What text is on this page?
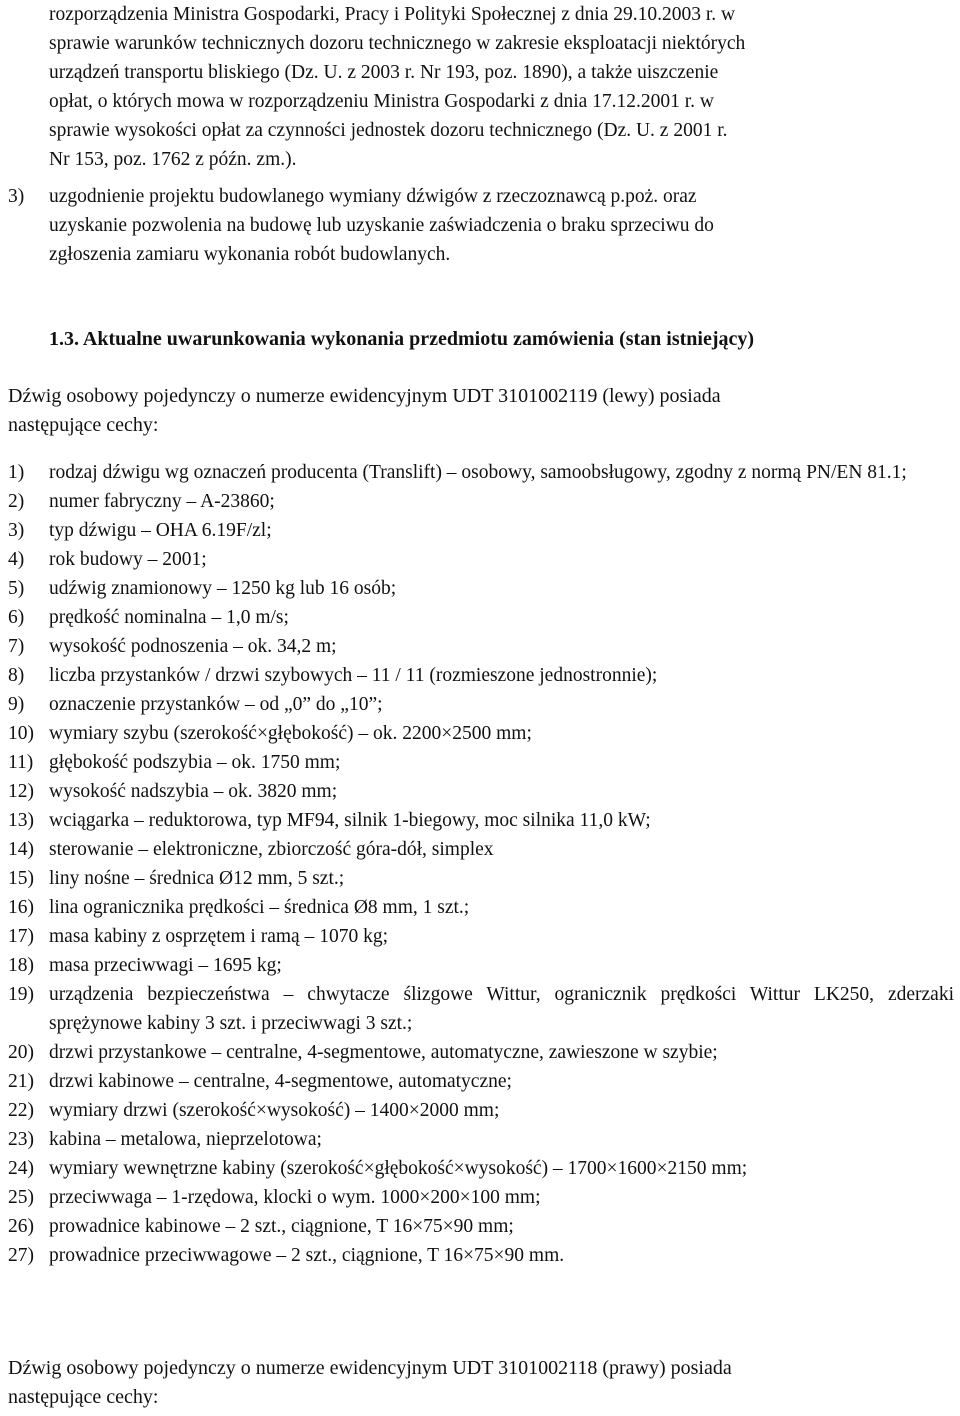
rozporządzenia Ministra Gospodarki, Pracy i Polityki Społecznej z dnia 29.10.2003 r. w
sprawie warunków technicznych dozoru technicznego w zakresie eksploatacji niektórych
urządzeń transportu bliskiego (Dz. U. z 2003 r. Nr 193, poz. 1890), a także uiszczenie
opłat, o których mowa w rozporządzeniu Ministra Gospodarki z dnia 17.12.2001 r. w
sprawie wysokości opłat za czynności jednostek dozoru technicznego (Dz. U. z 2001 r.
Nr 153, poz. 1762 z późn. zm.).
3) uzgodnienie projektu budowlanego wymiany dźwigów z rzeczoznawcą p.poż. oraz
uzyskanie pozwolenia na budowę lub uzyskanie zaświadczenia o braku sprzeciwu do
zgłoszenia zamiaru wykonania robót budowlanych.
1.3. Aktualne uwarunkowania wykonania przedmiotu zamówienia (stan istniejący)
Dźwig osobowy pojedynczy o numerze ewidencyjnym UDT 3101002119 (lewy) posiada
następujące cechy:
1) rodzaj dźwigu wg oznaczeń producenta (Translift) – osobowy, samoobsługowy, zgodny z normą PN/EN 81.1;
2) numer fabryczny – A-23860;
3) typ dźwigu – OHA 6.19F/zl;
4) rok budowy – 2001;
5) udźwig znamionowy – 1250 kg lub 16 osób;
6) prędkość nominalna – 1,0 m/s;
7) wysokość podnoszenia – ok. 34,2 m;
8) liczba przystanków / drzwi szybowych – 11 / 11 (rozmieszone jednostronnie);
9) oznaczenie przystanków – od „0” do „10”;
10) wymiary szybu (szerokość×głębokość) – ok. 2200×2500 mm;
11) głębokość podszybia – ok. 1750 mm;
12) wysokość nadszybia – ok. 3820 mm;
13) wciągarka – reduktorowa, typ MF94, silnik 1-biegowy, moc silnika 11,0 kW;
14) sterowanie – elektroniczne, zbiorczość góra-dół, simplex
15) liny nośne – średnica Ø12 mm, 5 szt.;
16) lina ogranicznika prędkości – średnica Ø8 mm, 1 szt.;
17) masa kabiny z osprzętem i ramą – 1070 kg;
18) masa przeciwwagi – 1695 kg;
19) urządzenia bezpieczeństwa – chwytacze ślizgowe Wittur, ogranicznik prędkości Wittur LK250, zderzaki sprężynowe kabiny 3 szt. i przeciwwagi 3 szt.;
20) drzwi przystankowe – centralne, 4-segmentowe, automatyczne, zawieszone w szybie;
21) drzwi kabinowe – centralne, 4-segmentowe, automatyczne;
22) wymiary drzwi (szerokość×wysokość) – 1400×2000 mm;
23) kabina – metalowa, nieprzelotowa;
24) wymiary wewnętrzne kabiny (szerokość×głębokość×wysokość) – 1700×1600×2150 mm;
25) przeciwwaga – 1-rzędowa, klocki o wym. 1000×200×100 mm;
26) prowadnice kabinowe – 2 szt., ciągnione, T 16×75×90 mm;
27) prowadnice przeciwwagowe – 2 szt., ciągnione, T 16×75×90 mm.
Dźwig osobowy pojedynczy o numerze ewidencyjnym UDT 3101002118 (prawy) posiada
następujące cechy:
